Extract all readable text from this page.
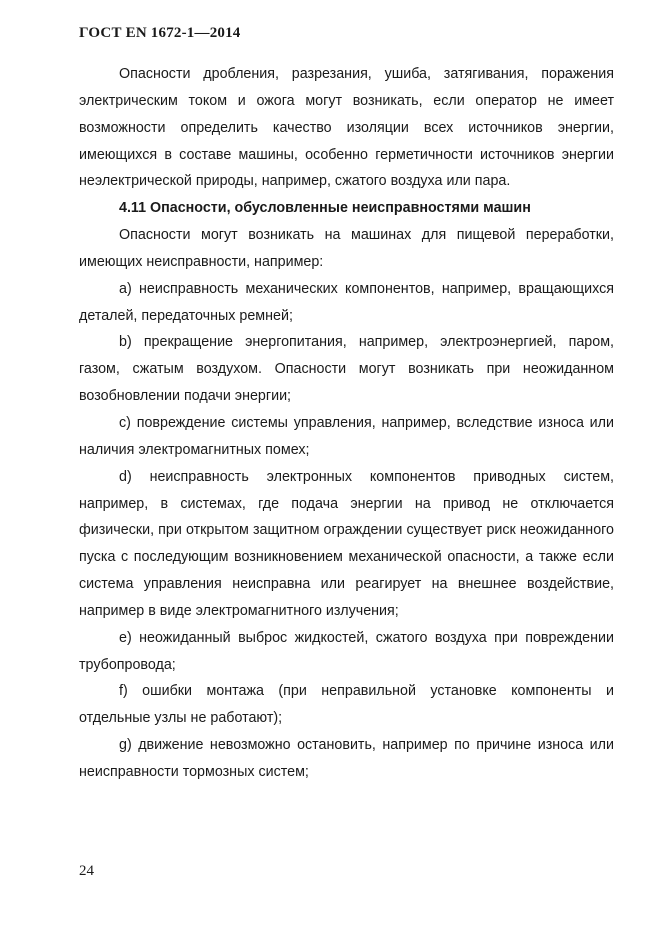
ГОСТ EN 1672-1—2014

Опасности дробления, разрезания, ушиба, затягивания, поражения электрическим током и ожога могут возникать, если оператор не имеет возможности определить качество изоляции всех источников энергии, имеющихся в составе машины, особенно герметичности источников энергии неэлектрической природы, например, сжатого воздуха или пара.

4.11 Опасности, обусловленные неисправностями машин

Опасности могут возникать на машинах для пищевой переработки, имеющих неисправности, например:

a) неисправность механических компонентов, например, вращающихся деталей, передаточных ремней;

b) прекращение энергопитания, например, электроэнергией, паром, газом, сжатым воздухом. Опасности могут возникать при неожиданном возобновлении подачи энергии;

c) повреждение системы управления, например, вследствие износа или наличия электромагнитных помех;

d) неисправность электронных компонентов приводных систем, например, в системах, где подача энергии на привод не отключается физически, при открытом защитном ограждении существует риск неожиданного пуска с последующим возникновением механической опасности, а также если система управления неисправна или реагирует на внешнее воздействие, например в виде электромагнитного излучения;

e) неожиданный выброс жидкостей, сжатого воздуха при повреждении трубопровода;

f) ошибки монтажа (при неправильной установке компоненты и отдельные узлы не работают);

g) движение невозможно остановить, например по причине износа или неисправности тормозных систем;

24
